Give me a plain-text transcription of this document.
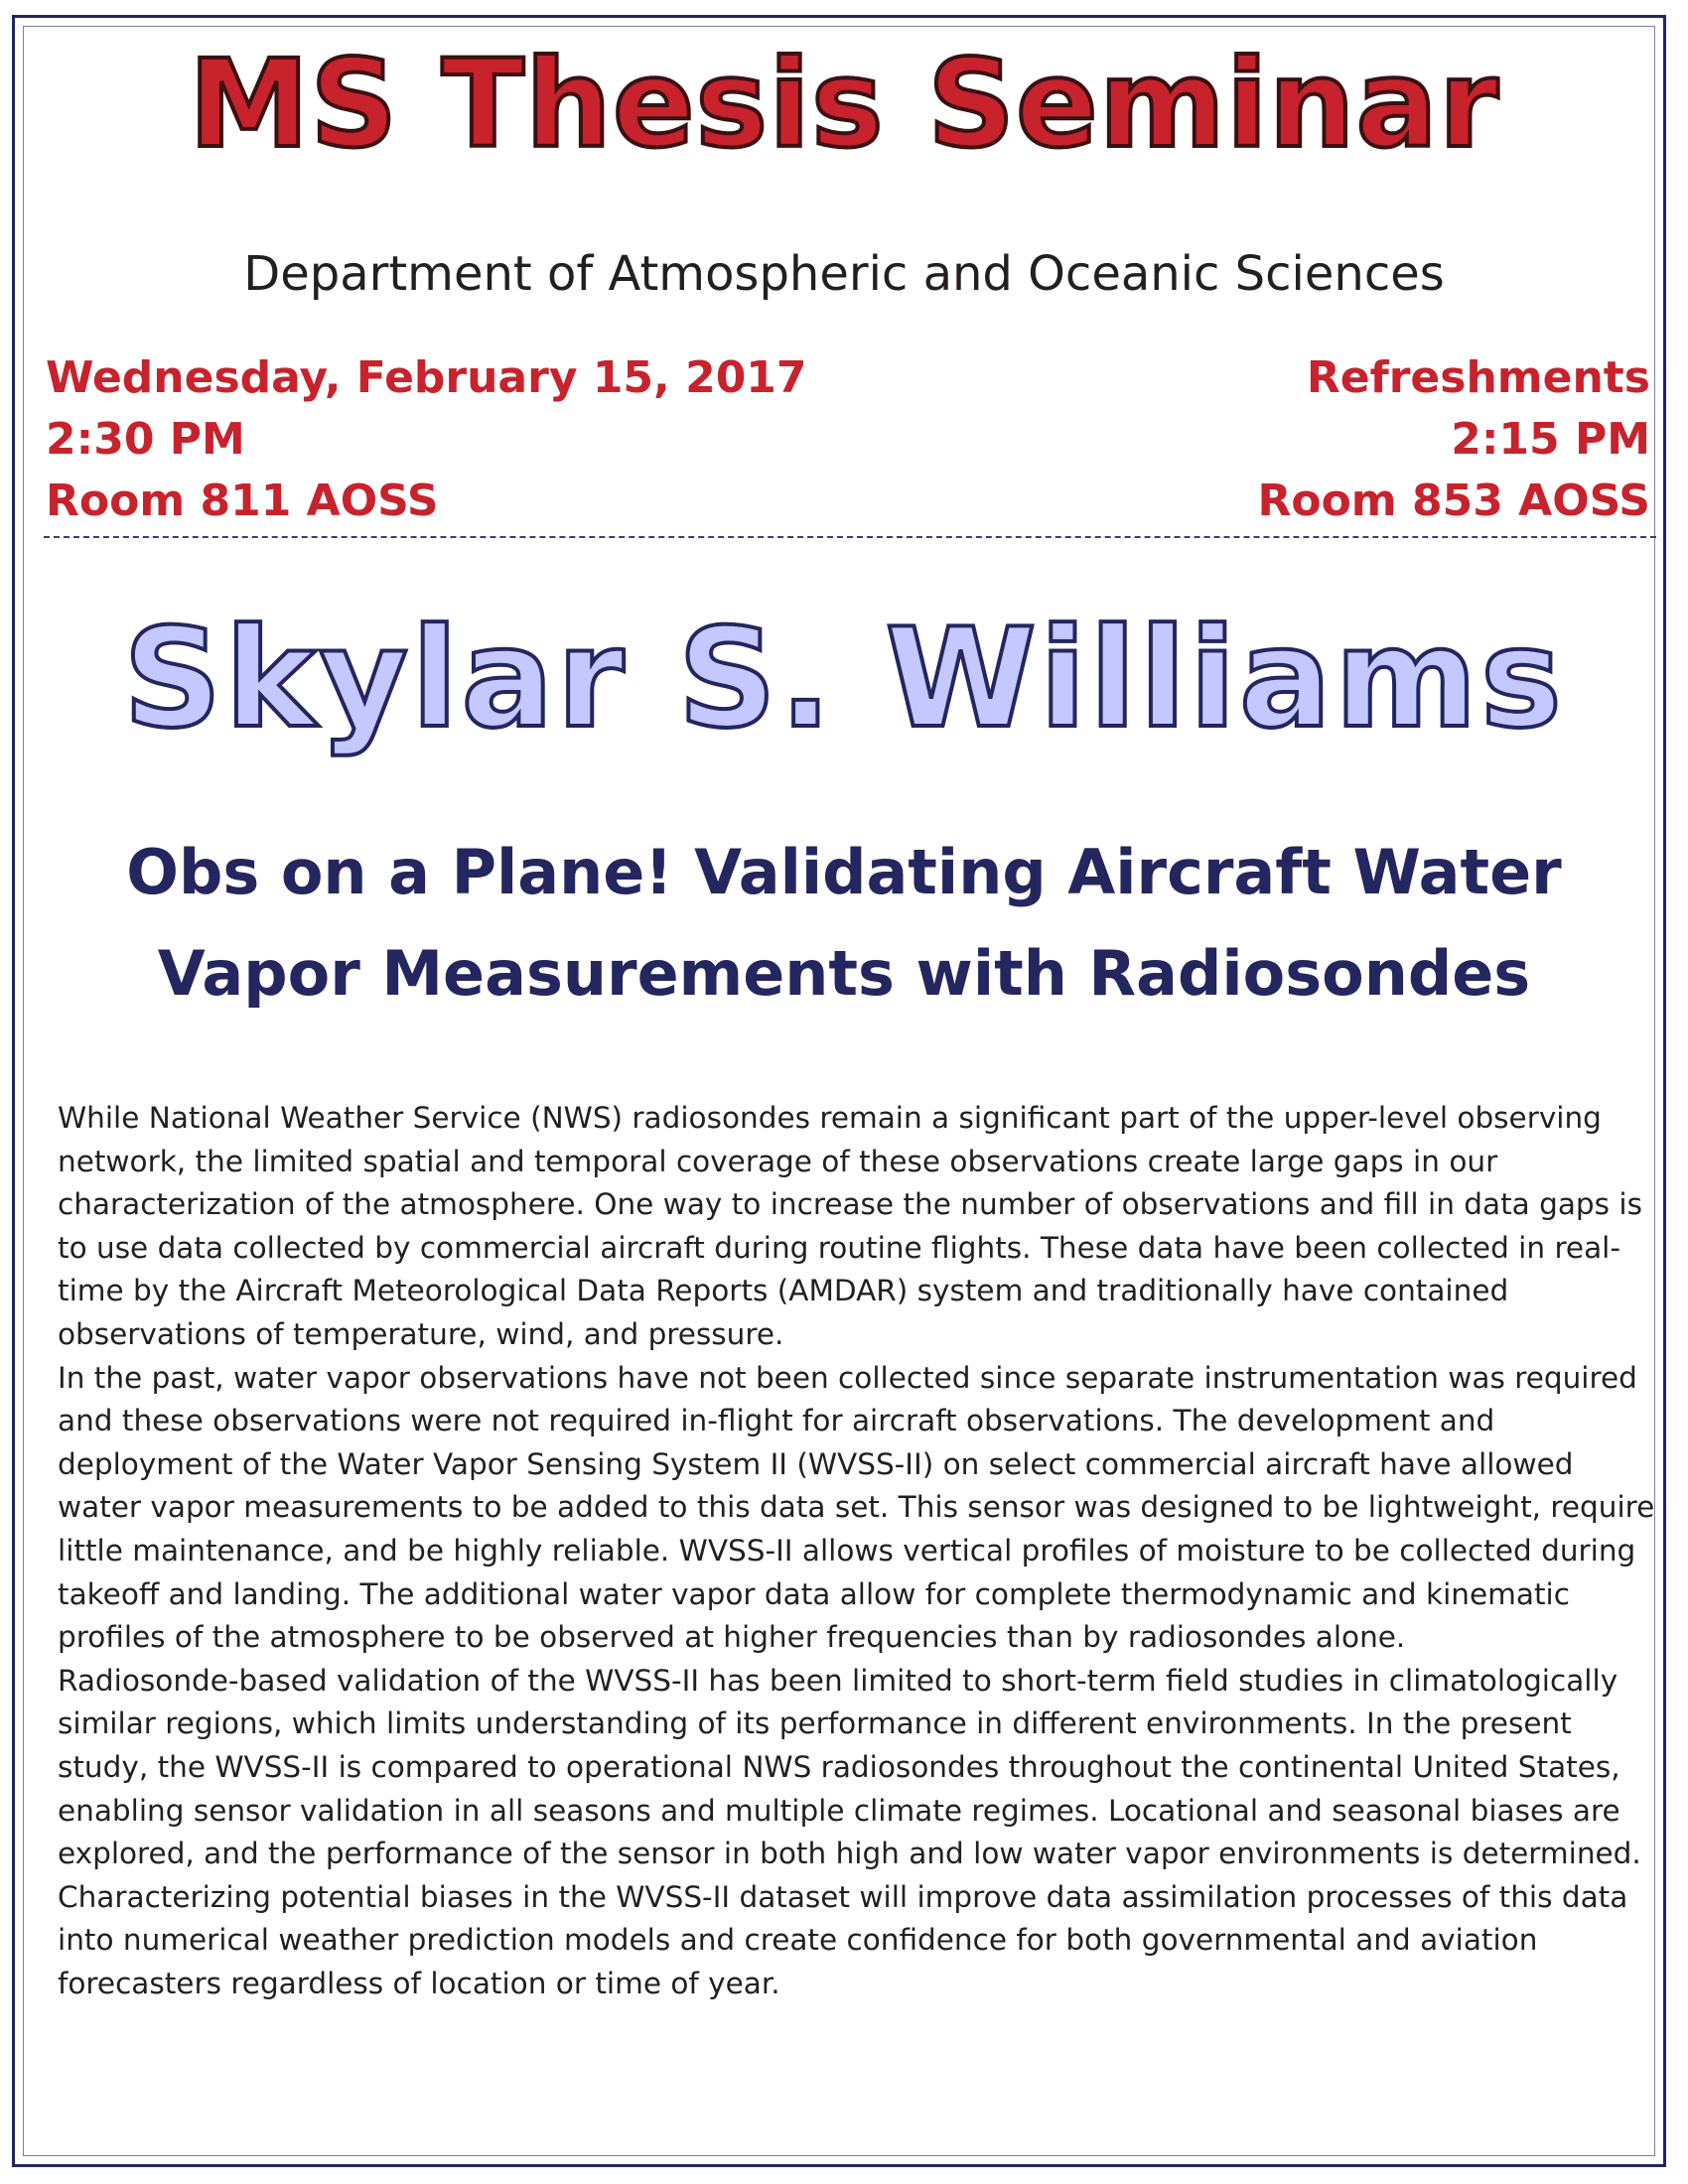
MS Thesis Seminar
Department of Atmospheric and Oceanic Sciences
Wednesday, February 15, 2017
2:30 PM
Room 811 AOSS
Refreshments
2:15 PM
Room 853 AOSS
Skylar S. Williams
Obs on a Plane! Validating Aircraft Water
Vapor Measurements with Radiosondes

While National Weather Service (NWS) radiosondes remain a significant part of the upper-level observing network, the limited spatial and temporal coverage of these observations create large gaps in our characterization of the atmosphere. One way to increase the number of observations and fill in data gaps is to use data collected by commercial aircraft during routine flights. These data have been collected in real-time by the Aircraft Meteorological Data Reports (AMDAR) system and traditionally have contained observations of temperature, wind, and pressure.

In the past, water vapor observations have not been collected since separate instrumentation was required and these observations were not required in-flight for aircraft observations. The development and deployment of the Water Vapor Sensing System II (WVSS-II) on select commercial aircraft have allowed water vapor measurements to be added to this data set. This sensor was designed to be lightweight, require little maintenance, and be highly reliable. WVSS-II allows vertical profiles of moisture to be collected during takeoff and landing. The additional water vapor data allow for complete thermodynamic and kinematic profiles of the atmosphere to be observed at higher frequencies than by radiosondes alone.

Radiosonde-based validation of the WVSS-II has been limited to short-term field studies in climatologically similar regions, which limits understanding of its performance in different environments. In the present study, the WVSS-II is compared to operational NWS radiosondes throughout the continental United States, enabling sensor validation in all seasons and multiple climate regimes. Locational and seasonal biases are explored, and the performance of the sensor in both high and low water vapor environments is determined. Characterizing potential biases in the WVSS-II dataset will improve data assimilation processes of this data into numerical weather prediction models and create confidence for both governmental and aviation forecasters regardless of location or time of year.
